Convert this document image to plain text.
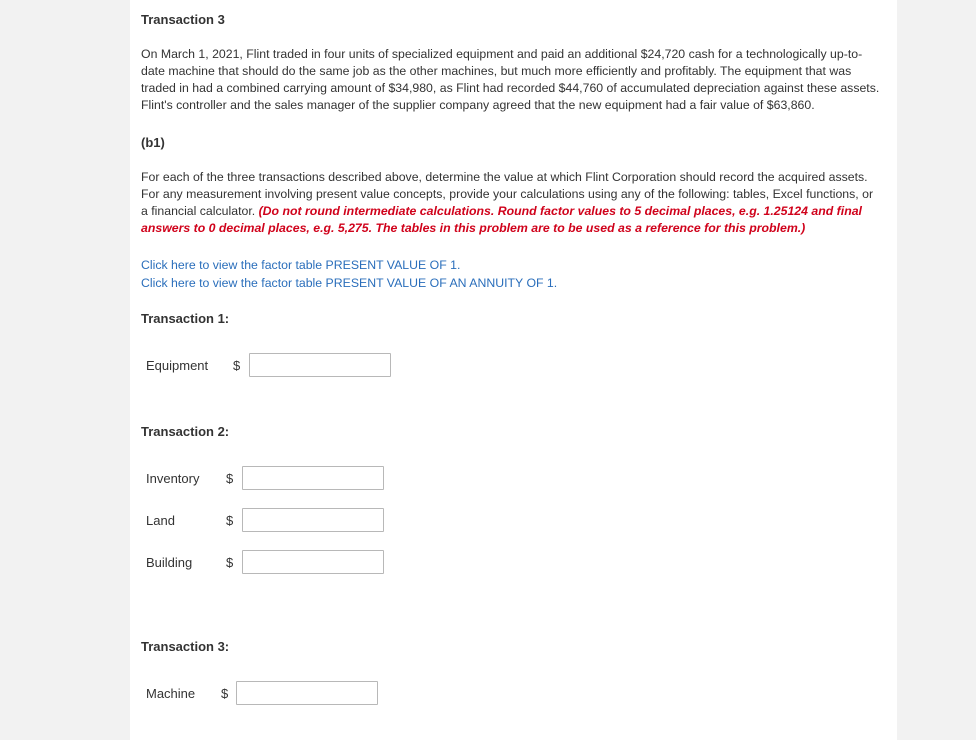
Transaction 3
On March 1, 2021, Flint traded in four units of specialized equipment and paid an additional $24,720 cash for a technologically up-to-date machine that should do the same job as the other machines, but much more efficiently and profitably. The equipment that was traded in had a combined carrying amount of $34,980, as Flint had recorded $44,760 of accumulated depreciation against these assets. Flint's controller and the sales manager of the supplier company agreed that the new equipment had a fair value of $63,860.
(b1)
For each of the three transactions described above, determine the value at which Flint Corporation should record the acquired assets. For any measurement involving present value concepts, provide your calculations using any of the following: tables, Excel functions, or a financial calculator. (Do not round intermediate calculations. Round factor values to 5 decimal places, e.g. 1.25124 and final answers to 0 decimal places, e.g. 5,275. The tables in this problem are to be used as a reference for this problem.)
Click here to view the factor table PRESENT VALUE OF 1.
Click here to view the factor table PRESENT VALUE OF AN ANNUITY OF 1.
Transaction 1:
Equipment $
Transaction 2:
Inventory $
Land	$
Building	$
Transaction 3:
Machine $
